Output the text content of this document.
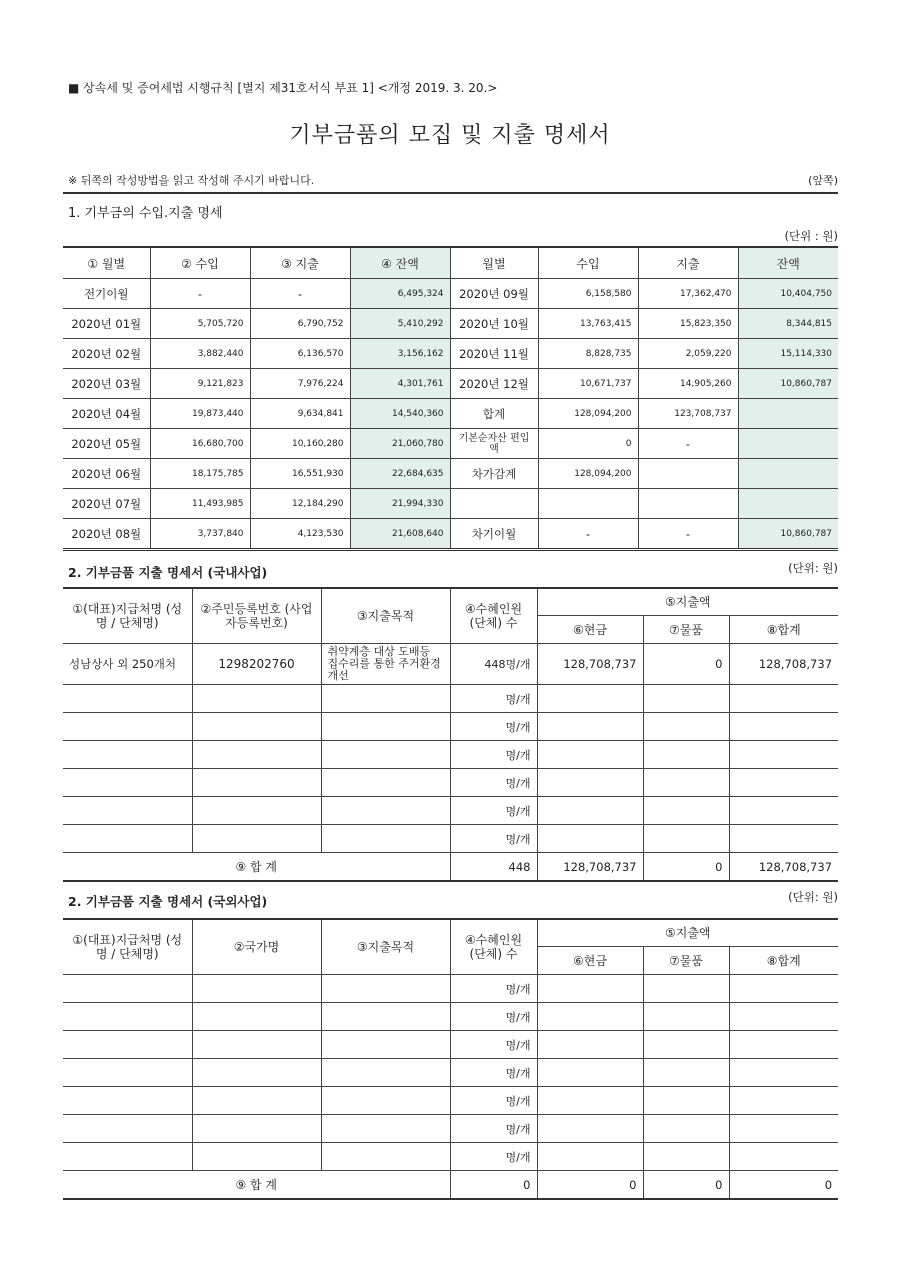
■ 상속세 및 증여세법 시행규칙 [별지 제31호서식 부표 1] <개정 2019. 3. 20.>
기부금품의 모집 및 지출 명세서
※ 뒤쪽의 작성방법을 읽고 작성해 주시기 바랍니다.	(앞쪽)
1. 기부금의 수입.지출 명세
(단위 : 원)
① 월별	② 수입	③ 지출	④ 잔액	월별	수입	지출	잔액
전기이월	-	-	6,495,324	2020년 09월	6,158,580	17,362,470	10,404,750
2020년 01월	5,705,720	6,790,752	5,410,292	2020년 10월	13,763,415	15,823,350	8,344,815
2020년 02월	3,882,440	6,136,570	3,156,162	2020년 11월	8,828,735	2,059,220	15,114,330
2020년 03월	9,121,823	7,976,224	4,301,761	2020년 12월	10,671,737	14,905,260	10,860,787
2020년 04월	19,873,440	9,634,841	14,540,360	합계	128,094,200	123,708,737	
2020년 05월	16,680,700	10,160,280	21,060,780	기본순자산 편입액	0	-	
2020년 06월	18,175,785	16,551,930	22,684,635	차가감계	128,094,200		
2020년 07월	11,493,985	12,184,290	21,994,330				
2020년 08월	3,737,840	4,123,530	21,608,640	차기이월	-	-	10,860,787
2. 기부금품 지출 명세서 (국내사업)	(단위: 원)
①(대표)지급처명 (성명 / 단체명)	②주민등록번호 (사업자등록번호)	③지출목적	④수혜인원 (단체) 수	⑤지출액		
				⑥현금	⑦물품	⑧합계
성남상사 외 250개처	1298202760	취약계층 대상 도배등 집수리를 통한 주거환경개선	448명/개	128,708,737	0	128,708,737
			명/개			
			명/개			
			명/개			
			명/개			
			명/개			
			명/개			
⑨ 합 계			448	128,708,737	0	128,708,737
2. 기부금품 지출 명세서 (국외사업)	(단위: 원)
①(대표)지급처명 (성명 / 단체명)	②국가명	③지출목적	④수혜인원 (단체) 수	⑤지출액		
				⑥현금	⑦물품	⑧합계
			명/개			
			명/개			
			명/개			
			명/개			
			명/개			
			명/개			
			명/개			
⑨ 합 계			0	0	0	0
